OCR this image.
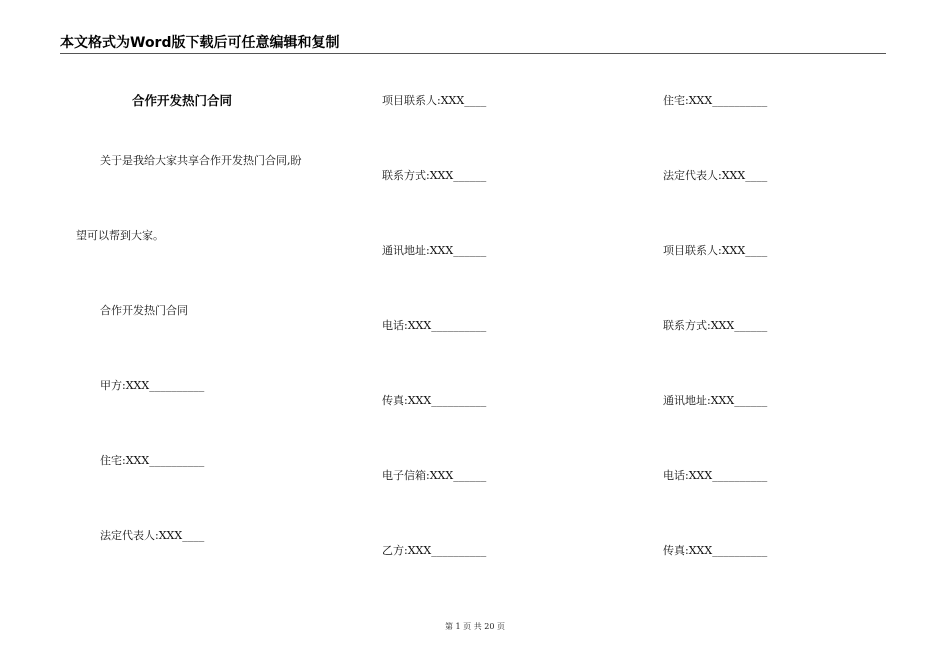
本文格式为Word版下载后可任意编辑和复制
合作开发热门合同
关于是我给大家共享合作开发热门合同,盼
望可以帮到大家。
合作开发热门合同
甲方:XXX__________
住宅:XXX__________
法定代表人:XXX____
项目联系人:XXX____
联系方式:XXX______
通讯地址:XXX______
电话:XXX__________
传真:XXX__________
电子信箱:XXX______
乙方:XXX__________
住宅:XXX__________
法定代表人:XXX____
项目联系人:XXX____
联系方式:XXX______
通讯地址:XXX______
电话:XXX__________
传真:XXX__________
第 1 页 共 20 页
